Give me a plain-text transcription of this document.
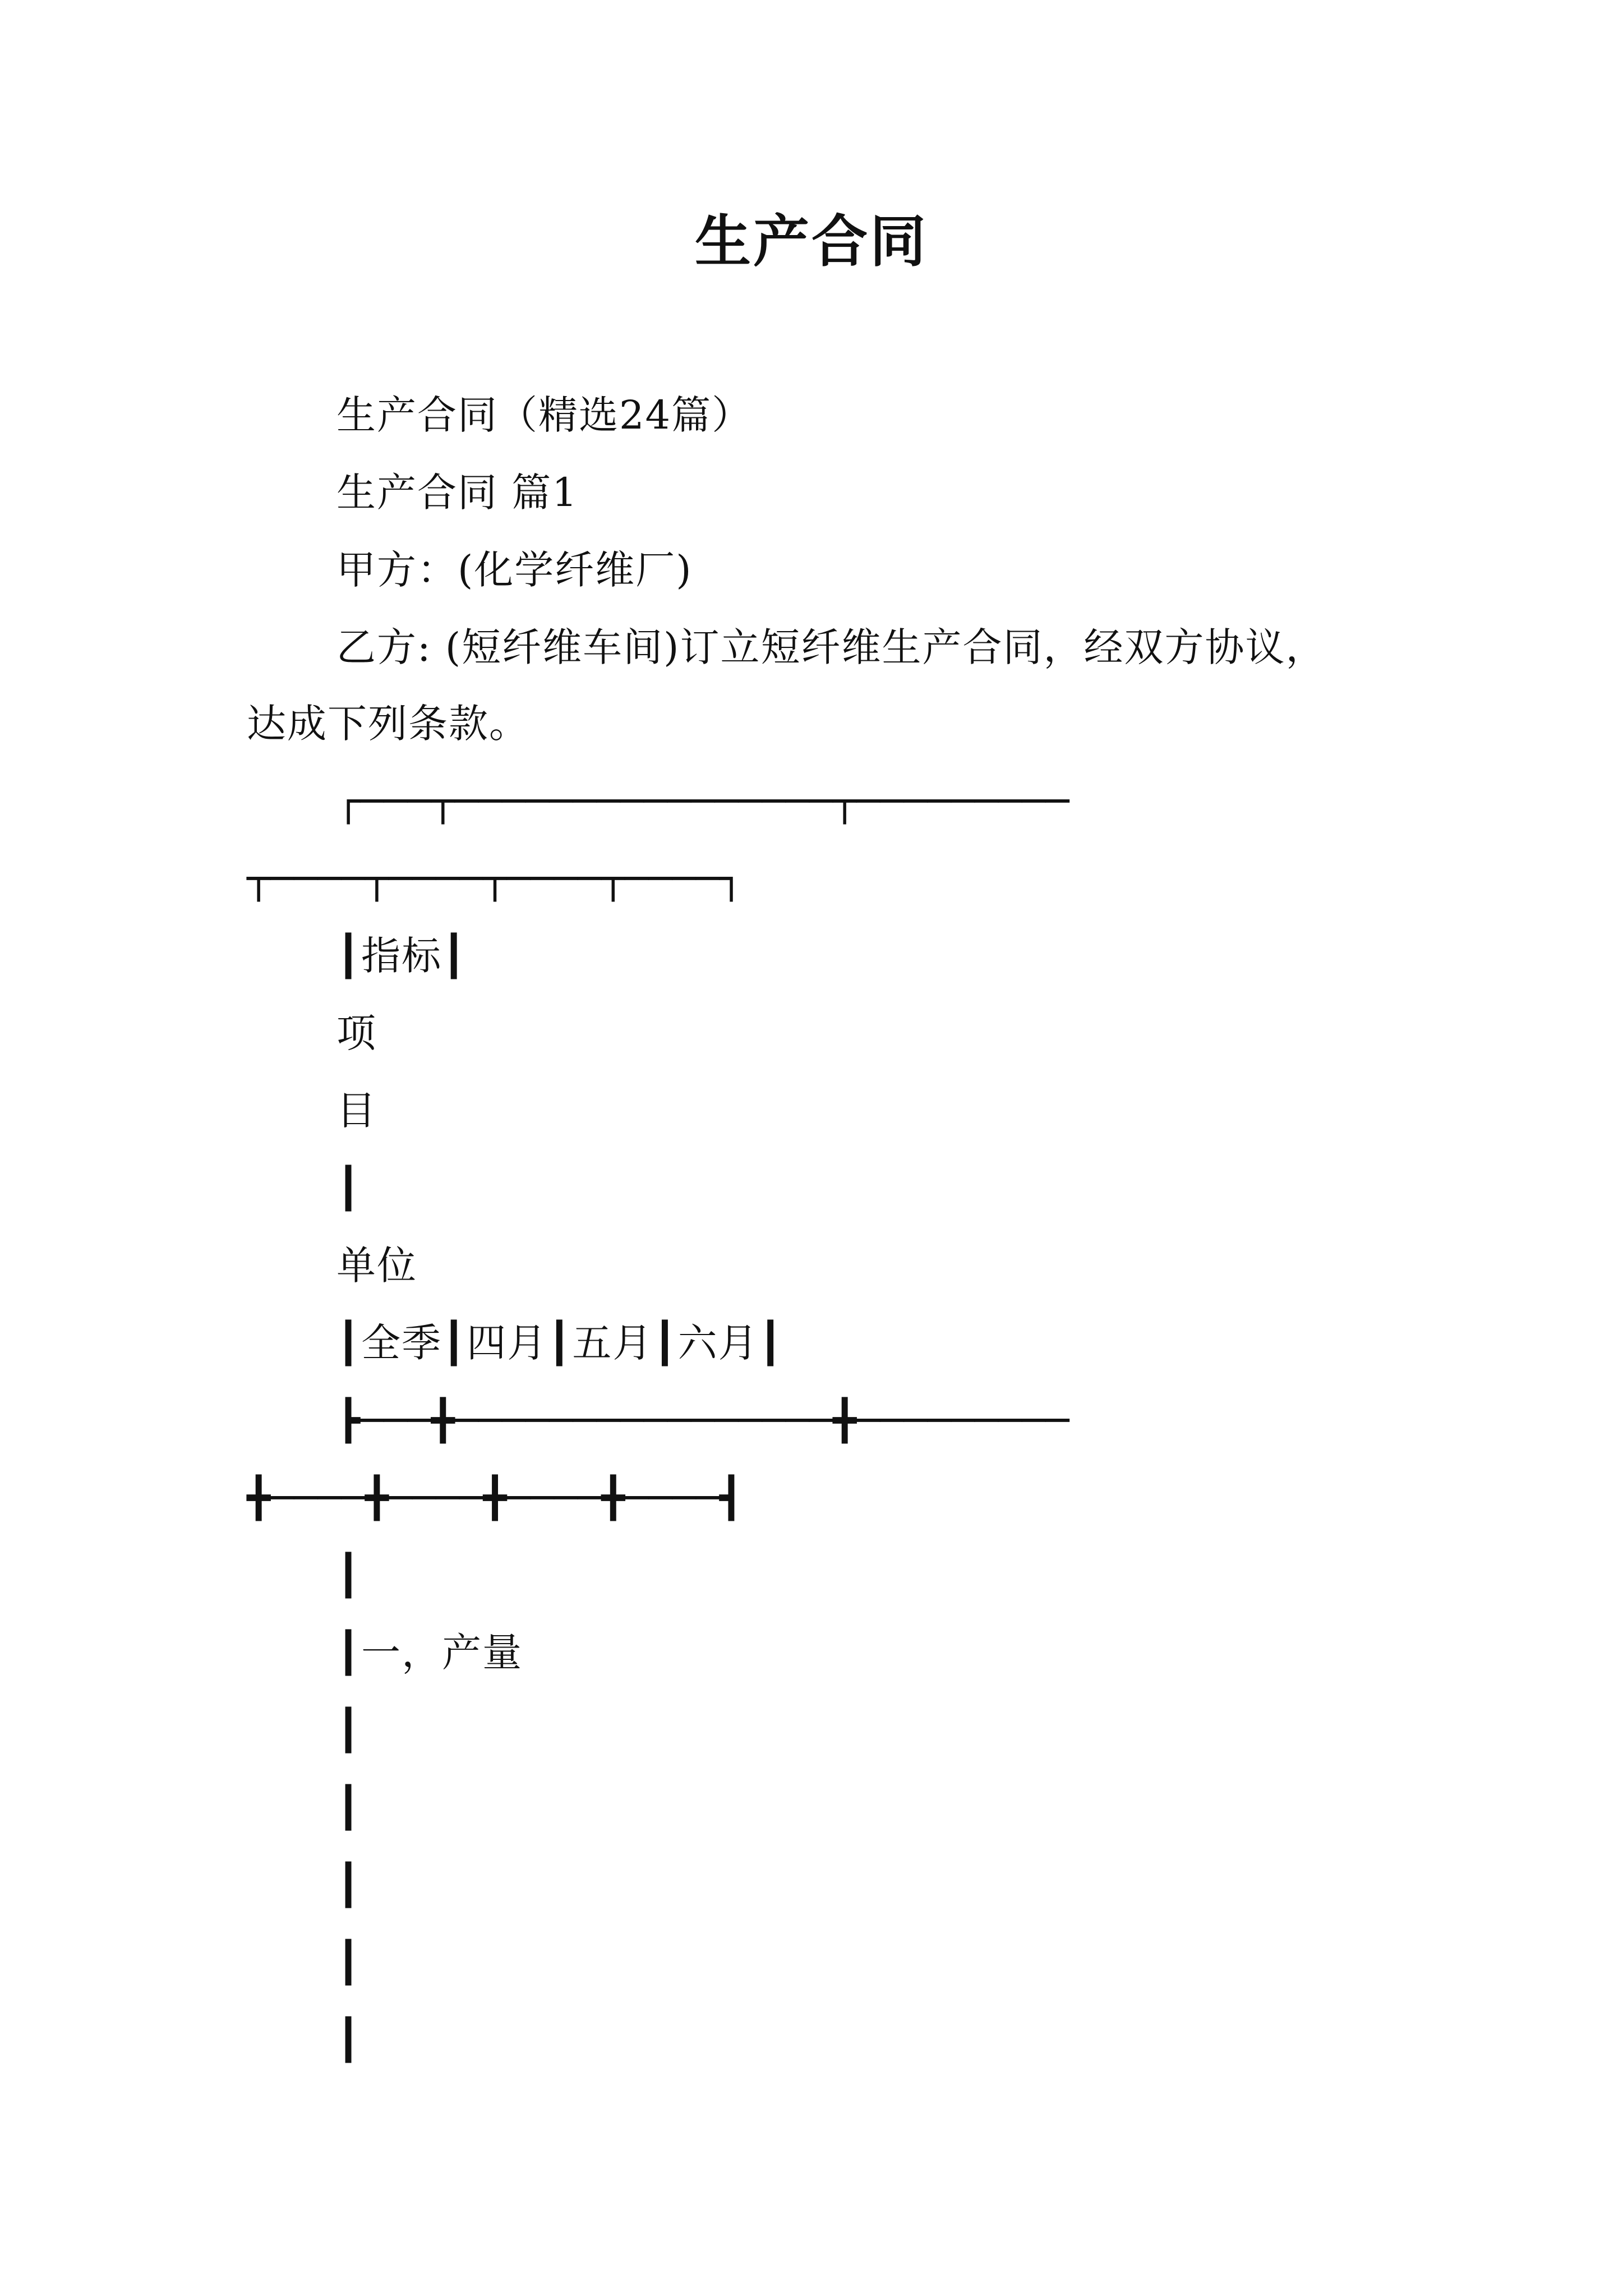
生产合同
生产合同（精选24篇）
生产合同 篇1
甲方：(化学纤维厂)
乙方: (短纤维车间)订立短纤维生产合同，经双方协议，
达成下列条款。
┌───┬────────────────┬─────────
┬────┬────┬────┬────┐
┃指标┃
项
目
┃
单位
┃全季┃四月┃五月┃六月┃
┣───╋────────────────╋─────────
╋────╋────╋────╋────┫
┃
┃一，产量
┃
┃
┃
┃
┃
